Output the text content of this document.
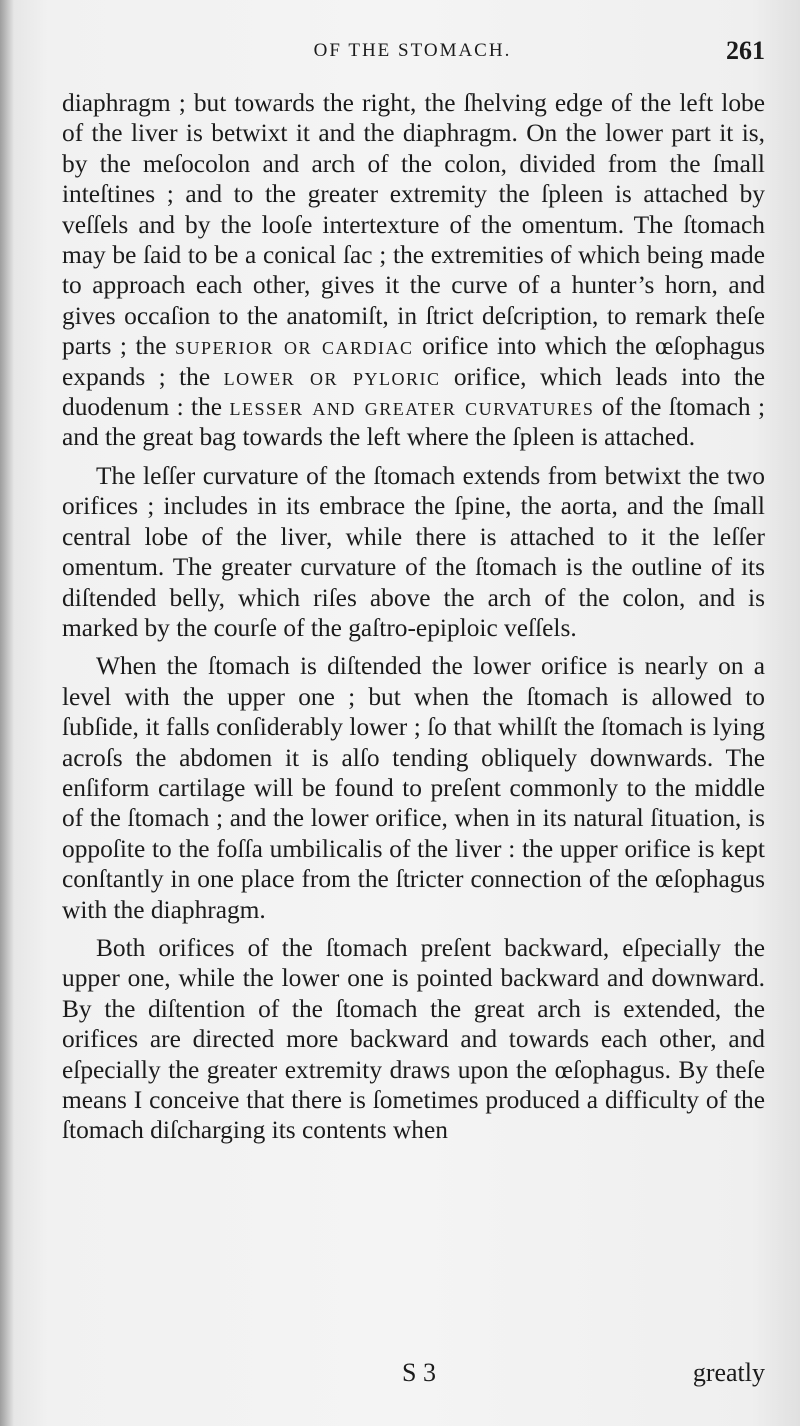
OF THE STOMACH.	261

diaphragm ; but towards the right, the ſhelving edge of the left lobe of the liver is betwixt it and the diaphragm. On the lower part it is, by the meſocolon and arch of the colon, divided from the ſmall inteſtines ; and to the greater extremity the ſpleen is attached by veſſels and by the looſe intertexture of the omentum. The ſtomach may be ſaid to be a conical ſac ; the extremities of which being made to approach each other, gives it the curve of a hunter’s horn, and gives occaſion to the anatomiſt, in ſtrict deſcription, to remark theſe parts ; the superior or cardiac orifice into which the œſophagus expands ; the lower or pyloric orifice, which leads into the duodenum : the lesser and greater curvatures of the ſtomach ; and the great bag towards the left where the ſpleen is attached.

The leſſer curvature of the ſtomach extends from betwixt the two orifices ; includes in its embrace the ſpine, the aorta, and the ſmall central lobe of the liver, while there is attached to it the leſſer omentum. The greater curvature of the ſtomach is the outline of its diſtended belly, which riſes above the arch of the colon, and is marked by the courſe of the gaſtro-epiploic veſſels.

When the ſtomach is diſtended the lower orifice is nearly on a level with the upper one ; but when the ſtomach is allowed to ſubſide, it falls conſiderably lower ; ſo that whilſt the ſtomach is lying acroſs the abdomen it is alſo tending obliquely downwards. The enſiform cartilage will be found to preſent commonly to the middle of the ſtomach ; and the lower orifice, when in its natural ſituation, is oppoſite to the foſſa umbilicalis of the liver : the upper orifice is kept conſtantly in one place from the ſtricter connection of the œſophagus with the diaphragm.

Both orifices of the ſtomach preſent backward, eſpecially the upper one, while the lower one is pointed backward and downward. By the diſtention of the ſtomach the great arch is extended, the orifices are directed more backward and towards each other, and eſpecially the greater extremity draws upon the œſophagus. By theſe means I conceive that there is ſometimes produced a difficulty of the ſtomach diſcharging its contents when

S 3	greatly
